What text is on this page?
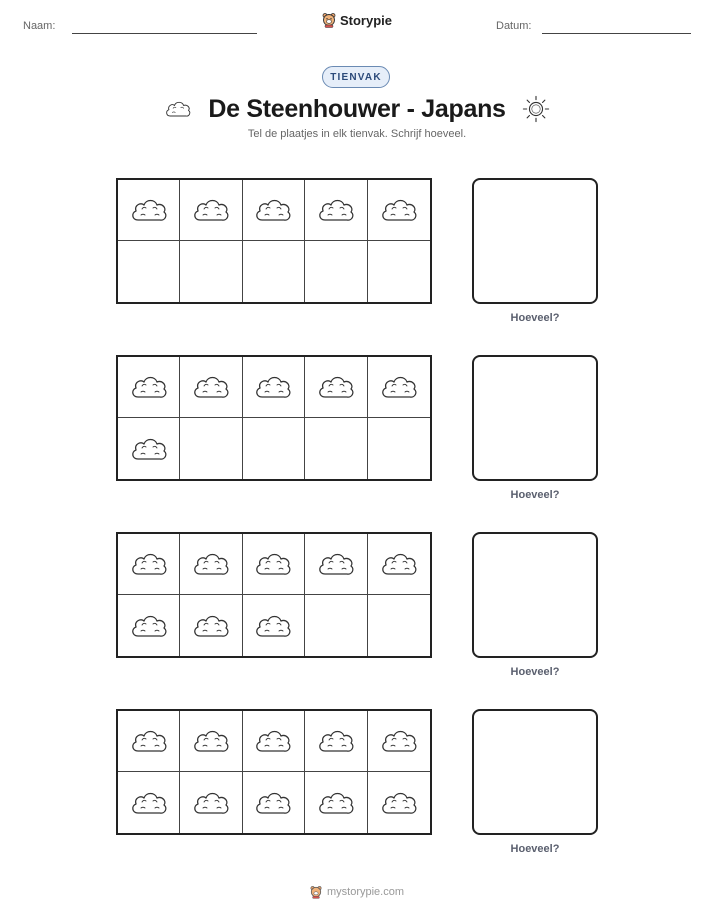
Naam:	Storypie	Datum:
TIENVAK
De Steenhouwer - Japans
Tel de plaatjes in elk tienvak. Schrijf hoeveel.
Hoeveel?
Hoeveel?
Hoeveel?
Hoeveel?
mystorypie.com
